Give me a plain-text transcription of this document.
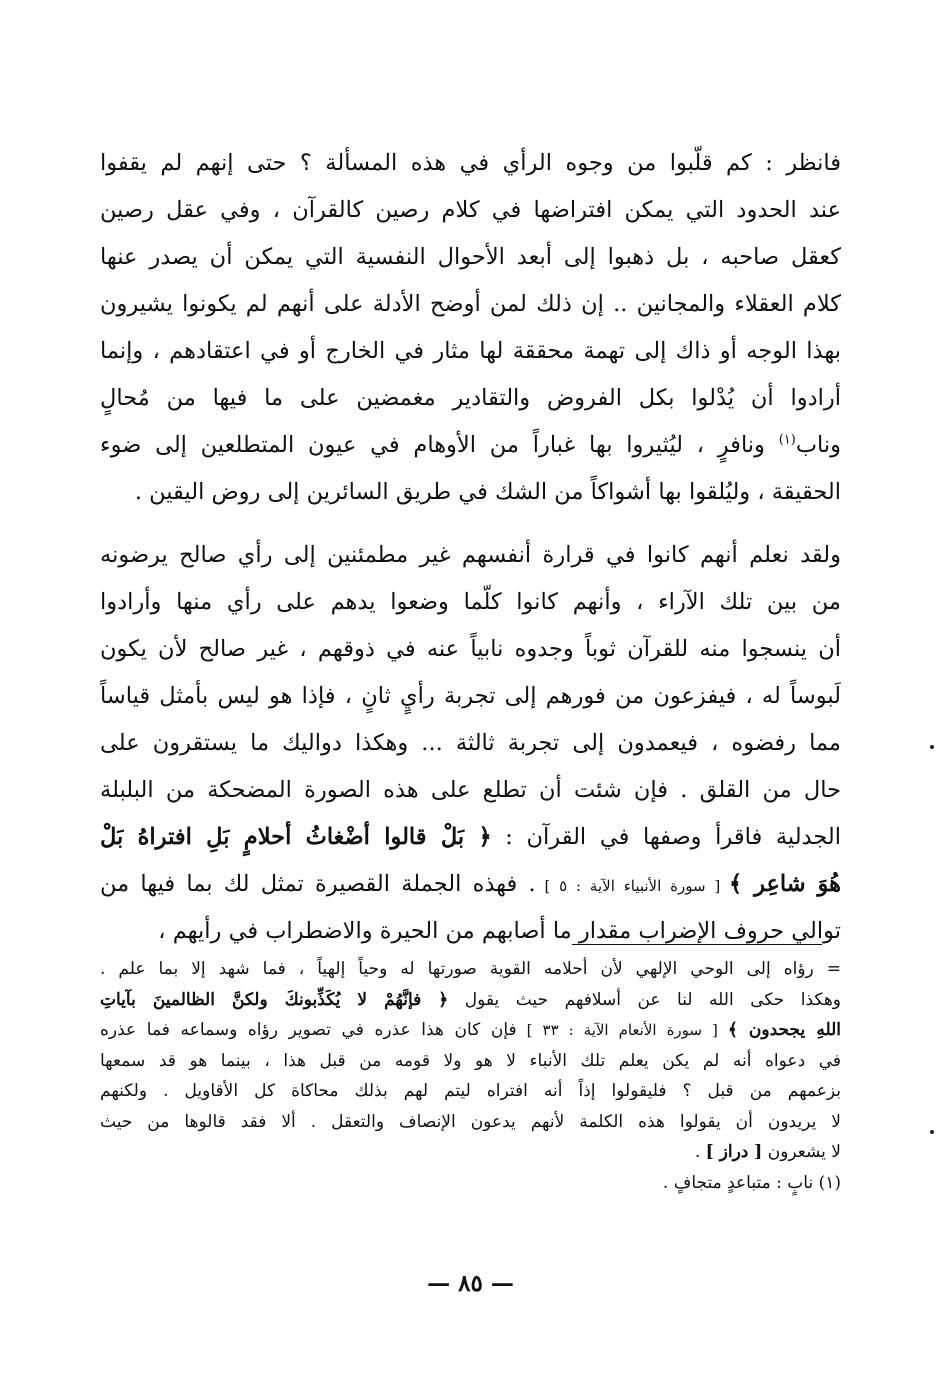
فانظر : كم قلّبوا من وجوه الرأي في هذه المسألة ؟ حتى إنهم لم يقفوا
عند الحدود التي يمكن افتراضها في كلام رصين كالقرآن ، وفي عقل رصين
كعقل صاحبه ، بل ذهبوا إلى أبعد الأحوال النفسية التي يمكن أن يصدر عنها
كلام العقلاء والمجانين .. إن ذلك لمن أوضح الأدلة على أنهم لم يكونوا يشيرون
بهذا الوجه أو ذاك إلى تهمة محققة لها مثار في الخارج أو في اعتقادهم ، وإنما
أرادوا أن يُدْلوا بكل الفروض والتقادير مغمضين على ما فيها من مُحالٍ
وناب$^{(١)}$ ونافرٍ ، ليُثيروا بها غباراً من الأوهام في عيون المتطلعين إلى ضوء
الحقيقة ، وليُلقوا بها أشواكاً من الشك في طريق السائرين إلى روض اليقين .
ولقد نعلم أنهم كانوا في قرارة أنفسهم غير مطمئنين إلى رأي صالح يرضونه
من بين تلك الآراء ، وأنهم كانوا كلّما وضعوا يدهم على رأي منها وأرادوا
أن ينسجوا منه للقرآن ثوباً وجدوه نابياً عنه في ذوقهم ، غير صالح لأن يكون
لَبوساً له ، فيفزعون من فورهم إلى تجربة رأيٍ ثانٍ ، فإذا هو ليس بأمثل قياساً
مما رفضوه ، فيعمدون إلى تجربة ثالثة ... وهكذا دواليك ما يستقرون على
حال من القلق . فإن شئت أن تطلع على هذه الصورة المضحكة من البلبلة
الجدلية فاقرأ وصفها في القرآن : ﴿ بَلْ قالوا أضْغاثُ أحلامٍ بَلِ افتراهُ بَلْ
هُوَ شاعِر ﴾ [ سورة الأنبياء الآية : ٥ ] . فهذه الجملة القصيرة تمثل لك بما فيها من
توالي حروف الإضراب مقدار ما أصابهم من الحيرة والاضطراب في رأيهم ،
= رؤاه إلى الوحي الإلهي لأن أحلامه القوية صورتها له وحياً إلهياً ، فما شهد إلا بما علم .
وهكذا حكى الله لنا عن أسلافهم حيث يقول ﴿ فإنَّهُمْ لا يُكَذِّبونكَ ولكنَّ الظالمينَ بآياتِ
اللهِ يجحدون ﴾ [ سورة الأنعام الآية : ٣٣ ] فإن كان هذا عذره في تصوير رؤاه وسماعه فما عذره
في دعواه أنه لم يكن يعلم تلك الأنباء لا هو ولا قومه من قبل هذا ، بينما هو قد سمعها
بزعمهم من قبل ؟ فليقولوا إذاً أنه افتراه ليتم لهم بذلك محاكاة كل الأقاويل . ولكنهم
لا يريدون أن يقولوا هذه الكلمة لأنهم يدعون الإنصاف والتعقل . ألا فقد قالوها من حيث
لا يشعرون [ دراز ] .
(١) نابٍ : متباعدٍ متجافٍ .
— ٨٥ —
